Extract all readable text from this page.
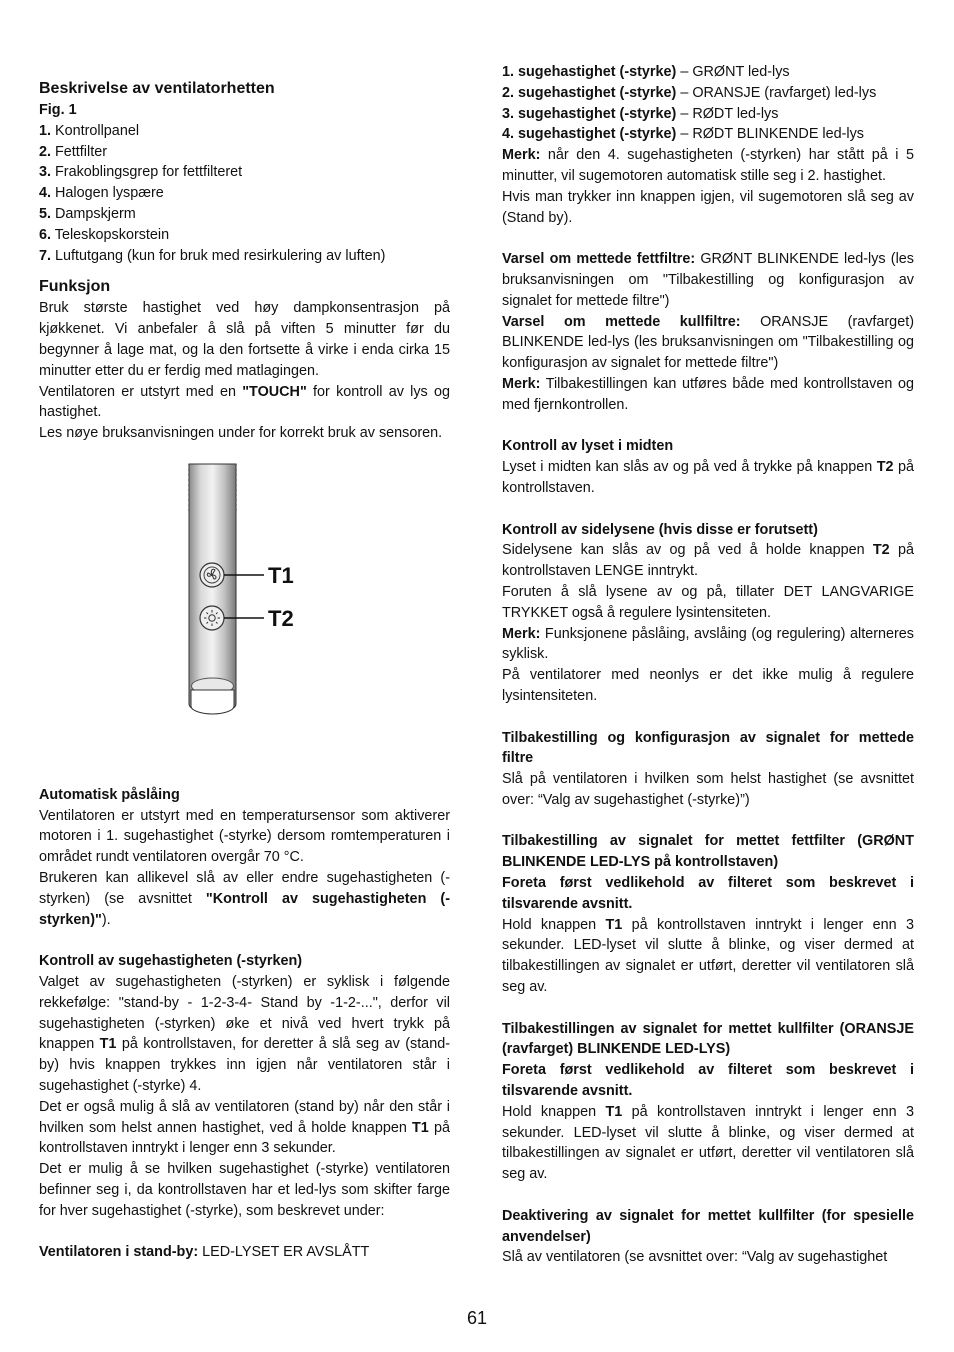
Beskrivelse av ventilatorhetten

Fig. 1

1. Kontrollpanel

2. Fettfilter

3. Frakoblingsgrep for fettfilteret

4. Halogen lyspære

5. Dampskjerm

6. Teleskopskorstein

7. Luftutgang (kun for bruk med resirkulering av luften)

Funksjon

Bruk største hastighet ved høy dampkonsentrasjon på kjøkkenet. Vi anbefaler å slå på viften 5 minutter før du begynner å lage mat, og la den fortsette å virke i enda cirka 15 minutter etter du er ferdig med matlagingen.

Ventilatoren er utstyrt med en "TOUCH" for kontroll av lys og hastighet.

Les nøye bruksanvisningen under for korrekt bruk av sensoren.

T1
T2

Automatisk påslåing

Ventilatoren er utstyrt med en temperatursensor som aktiverer motoren i 1. sugehastighet (-styrke) dersom romtemperaturen i området rundt ventilatoren overgår 70 °C.

Brukeren kan allikevel slå av eller endre sugehastigheten (-styrken) (se avsnittet "Kontroll av sugehastigheten (-styrken)").

Kontroll av sugehastigheten (-styrken)

Valget av sugehastigheten (-styrken) er syklisk i følgende rekkefølge: "stand-by - 1-2-3-4- Stand by -1-2-...", derfor vil sugehastigheten (-styrken) øke et nivå ved hvert trykk på knappen T1 på kontrollstaven, for deretter å slå seg av (stand-by) hvis knappen trykkes inn igjen når ventilatoren står i sugehastighet (-styrke) 4.

Det er også mulig å slå av ventilatoren (stand by) når den står i hvilken som helst annen hastighet, ved å holde knappen T1 på kontrollstaven inntrykt i lenger enn 3 sekunder.

Det er mulig å se hvilken sugehastighet (-styrke) ventilatoren befinner seg i, da kontrollstaven har et led-lys som skifter farge for hver sugehastighet (-styrke), som beskrevet under:

Ventilatoren i stand-by: LED-LYSET ER AVSLÅTT

1. sugehastighet (-styrke) – GRØNT led-lys

2. sugehastighet (-styrke) – ORANSJE (ravfarget) led-lys

3. sugehastighet (-styrke) – RØDT led-lys

4. sugehastighet (-styrke) – RØDT BLINKENDE led-lys

Merk: når den 4. sugehastigheten (-styrken) har stått på i 5 minutter, vil sugemotoren automatisk stille seg i 2. hastighet.

Hvis man trykker inn knappen igjen, vil sugemotoren slå seg av (Stand by).

Varsel om mettede fettfiltre: GRØNT BLINKENDE led-lys (les bruksanvisningen om "Tilbakestilling og konfigurasjon av signalet for mettede filtre")

Varsel om mettede kullfiltre: ORANSJE (ravfarget) BLINKENDE led-lys (les bruksanvisningen om "Tilbakestilling og konfigurasjon av signalet for mettede filtre")

Merk: Tilbakestillingen kan utføres både med kontrollstaven og med fjernkontrollen.

Kontroll av lyset i midten

Lyset i midten kan slås av og på ved å trykke på knappen T2 på kontrollstaven.

Kontroll av sidelysene (hvis disse er forutsett)

Sidelysene kan slås av og på ved å holde knappen T2 på kontrollstaven LENGE inntrykt.

Foruten å slå lysene av og på, tillater DET LANGVARIGE TRYKKET også å regulere lysintensiteten.

Merk: Funksjonene påslåing, avslåing (og regulering) alterneres syklisk.

På ventilatorer med neonlys er det ikke mulig å regulere lysintensiteten.

Tilbakestilling og konfigurasjon av signalet for mettede filtre

Slå på ventilatoren i hvilken som helst hastighet (se avsnittet over: “Valg av sugehastighet (-styrke)”)

Tilbakestilling av signalet for mettet fettfilter (GRØNT BLINKENDE LED-LYS på kontrollstaven)

Foreta først vedlikehold av filteret som beskrevet i tilsvarende avsnitt.

Hold knappen T1 på kontrollstaven inntrykt i lenger enn 3 sekunder. LED-lyset vil slutte å blinke, og viser dermed at tilbakestillingen av signalet er utført, deretter vil ventilatoren slå seg av.

Tilbakestillingen av signalet for mettet kullfilter (ORANSJE (ravfarget) BLINKENDE LED-LYS)

Foreta først vedlikehold av filteret som beskrevet i tilsvarende avsnitt.

Hold knappen T1 på kontrollstaven inntrykt i lenger enn 3 sekunder. LED-lyset vil slutte å blinke, og viser dermed at tilbakestillingen av signalet er utført, deretter vil ventilatoren slå seg av.

Deaktivering av signalet for mettet kullfilter (for spesielle anvendelser)

Slå av ventilatoren (se avsnittet over: “Valg av sugehastighet

61
